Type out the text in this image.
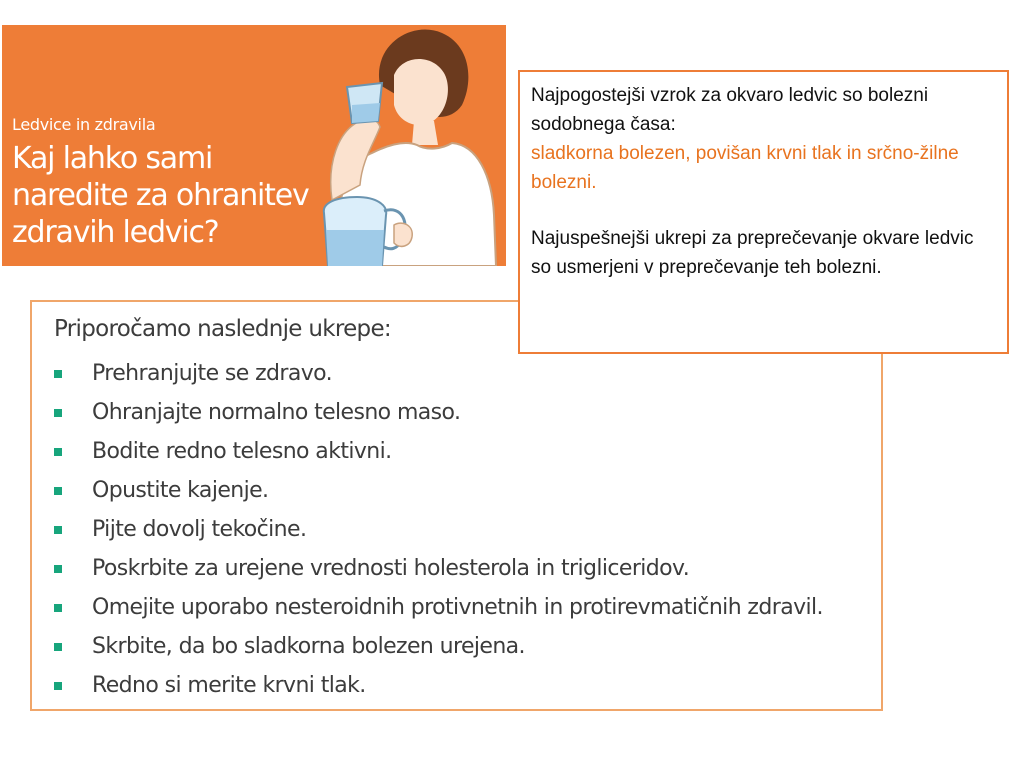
Ledvice in zdravila
Kaj lahko sami
naredite za ohranitev
zdravih ledvic?
Priporočamo naslednje ukrepe:
Prehranjujte se zdravo.
Ohranjajte normalno telesno maso.
Bodite redno telesno aktivni.
Opustite kajenje.
Pijte dovolj tekočine.
Poskrbite za urejene vrednosti holesterola in trigliceridov.
Omejite uporabo nesteroidnih protivnetnih in protirevmatičnih zdravil.
Skrbite, da bo sladkorna bolezen urejena.
Redno si merite krvni tlak.

Najpogostejši vzrok za okvaro ledvic so bolezni sodobnega časa:

sladkorna bolezen, povišan krvni tlak in srčno-žilne bolezni.

Najuspešnejši ukrepi za preprečevanje okvare ledvic so usmerjeni v preprečevanje teh bolezni.
